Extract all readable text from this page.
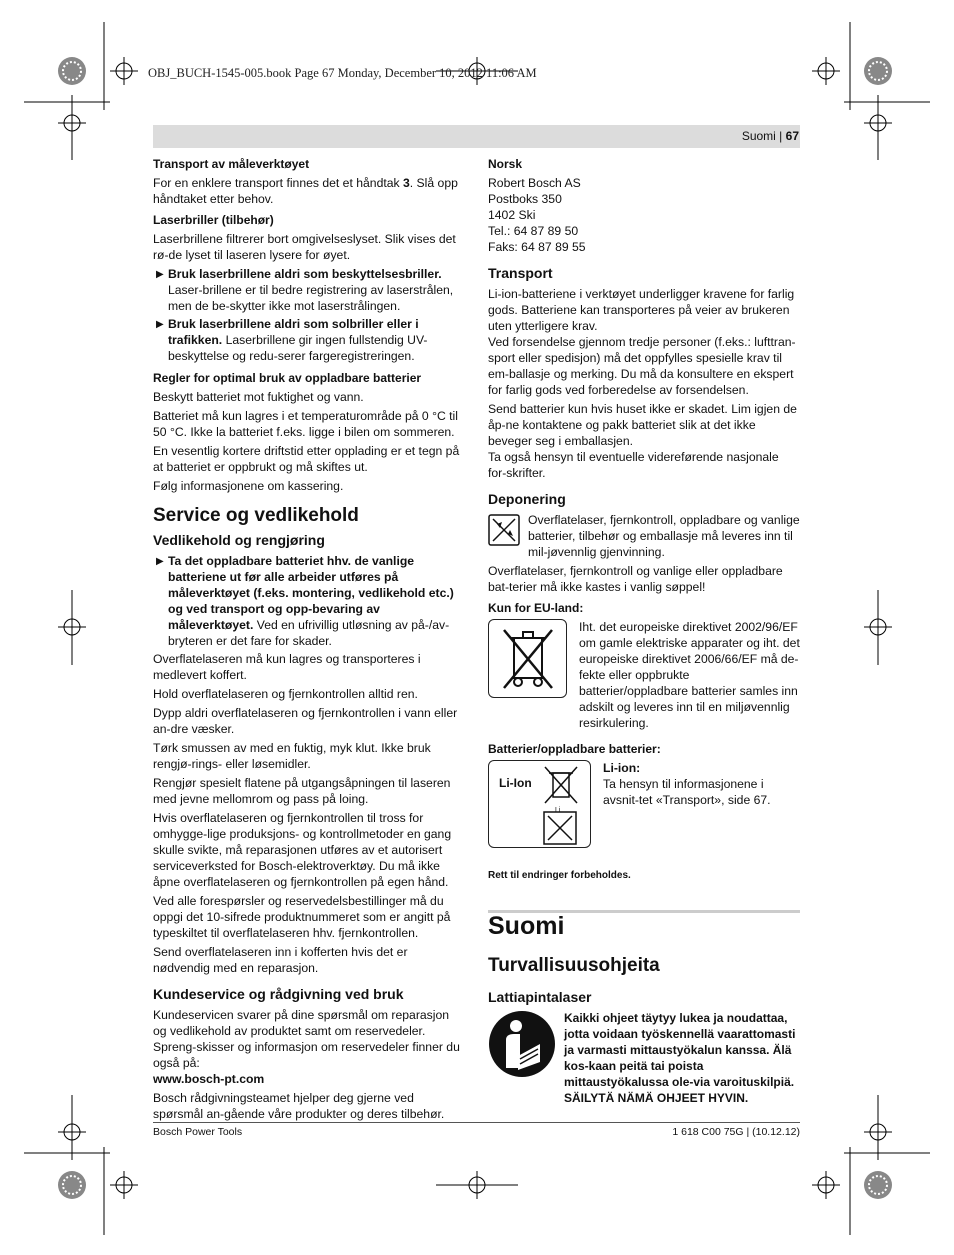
OBJ_BUCH-1545-005.book Page 67 Monday, December 10, 2012 11:06 AM
Suomi | 67
Transport av måleverktøyet

For en enklere transport finnes det et håndtak 3. Slå opp håndtaket etter behov.

Laserbriller (tilbehør)

Laserbrillene filtrerer bort omgivelseslyset. Slik vises det rø-de lyset til laseren lysere for øyet.

▶ Bruk laserbrillene aldri som beskyttelsesbriller. Laser-brillene er til bedre registrering av laserstrålen, men de be-skytter ikke mot laserstrålingen.
▶ Bruk laserbrillene aldri som solbriller eller i trafikken. Laserbrillene gir ingen fullstendig UV-beskyttelse og redu-serer fargeregistreringen.
Regler for optimal bruk av oppladbare batterier

Beskytt batteriet mot fuktighet og vann.

Batteriet må kun lagres i et temperaturområde på 0 °C til 50 °C. Ikke la batteriet f.eks. ligge i bilen om sommeren.

En vesentlig kortere driftstid etter opplading er et tegn på at batteriet er oppbrukt og må skiftes ut.

Følg informasjonene om kassering.

Service og vedlikehold
Vedlikehold og rengjøring
▶ Ta det oppladbare batteriet hhv. de vanlige batteriene ut før alle arbeider utføres på måleverktøyet (f.eks. montering, vedlikehold etc.) og ved transport og opp-bevaring av måleverktøyet. Ved en ufrivillig utløsning av på-/av-bryteren er det fare for skader.

Overflatelaseren må kun lagres og transporteres i medlevert koffert.

Hold overflatelaseren og fjernkontrollen alltid ren.

Dypp aldri overflatelaseren og fjernkontrollen i vann eller an-dre væsker.

Tørk smussen av med en fuktig, myk klut. Ikke bruk rengjø-rings- eller løsemidler.

Rengjør spesielt flatene på utgangsåpningen til laseren med jevne mellomrom og pass på loing.

Hvis overflatelaseren og fjernkontrollen til tross for omhygge-lige produksjons- og kontrollmetoder en gang skulle svikte, må reparasjonen utføres av et autorisert serviceverksted for Bosch-elektroverktøy. Du må ikke åpne overflatelaseren og fjernkontrollen på egen hånd.

Ved alle forespørsler og reservedelsbestillinger må du oppgi det 10-sifrede produktnummeret som er angitt på typeskiltet til overflatelaseren hhv. fjernkontrollen.

Send overflatelaseren inn i kofferten hvis det er nødvendig med en reparasjon.

Kundeservice og rådgivning ved bruk

Kundeservicen svarer på dine spørsmål om reparasjon og vedlikehold av produktet samt om reservedeler. Spreng-skisser og informasjon om reservedeler finner du også på:

www.bosch-pt.com

Bosch rådgivningsteamet hjelper deg gjerne ved spørsmål an-gående våre produkter og deres tilbehør.

Norsk
Robert Bosch AS
Postboks 350
1402 Ski
Tel.: 64 87 89 50
Faks: 64 87 89 55
Transport

Li-ion-batteriene i verktøyet underligger kravene for farlig gods. Batteriene kan transporteres på veier av brukeren uten ytterligere krav.

Ved forsendelse gjennom tredje personer (f.eks.: lufttran-sport eller spedisjon) må det oppfylles spesielle krav til em-ballasje og merking. Du må da konsultere en ekspert for farlig gods ved forberedelse av forsendelsen.

Send batterier kun hvis huset ikke er skadet. Lim igjen de åp-ne kontaktene og pakk batteriet slik at det ikke beveger seg i emballasjen.

Ta også hensyn til eventuelle videreførende nasjonale for-skrifter.

Deponering
Overflatelaser, fjernkontroll, oppladbare og vanlige batterier, tilbehør og emballasje må leveres inn til mil-jøvennlig gjenvinning.

Overflatelaser, fjernkontroll og vanlige eller oppladbare bat-terier må ikke kastes i vanlig søppel!

Kun for EU-land:
Iht. det europeiske direktivet 2002/96/EF om gamle elektriske apparater og iht. det europeiske direktivet 2006/66/EF må de-fekte eller oppbrukte batterier/oppladbare batterier samles inn adskilt og leveres inn til en miljøvennlig resirkulering.
Batterier/oppladbare batterier:
Li-Ion
Li
Li-ion:
Ta hensyn til informasjonene i avsnit-tet «Transport», side 67.
Rett til endringer forbeholdes.
Suomi
Turvallisuusohjeita
Lattiapintalaser
Kaikki ohjeet täytyy lukea ja noudattaa, jotta voidaan työskennellä vaarattomasti ja varmasti mittaustyökalun kanssa. Älä kos-kaan peitä tai poista mittaustyökalussa ole-via varoituskilpiä. SÄILYTÄ NÄMÄ OHJEET HYVIN.
Bosch Power Tools	1 618 C00 75G | (10.12.12)
